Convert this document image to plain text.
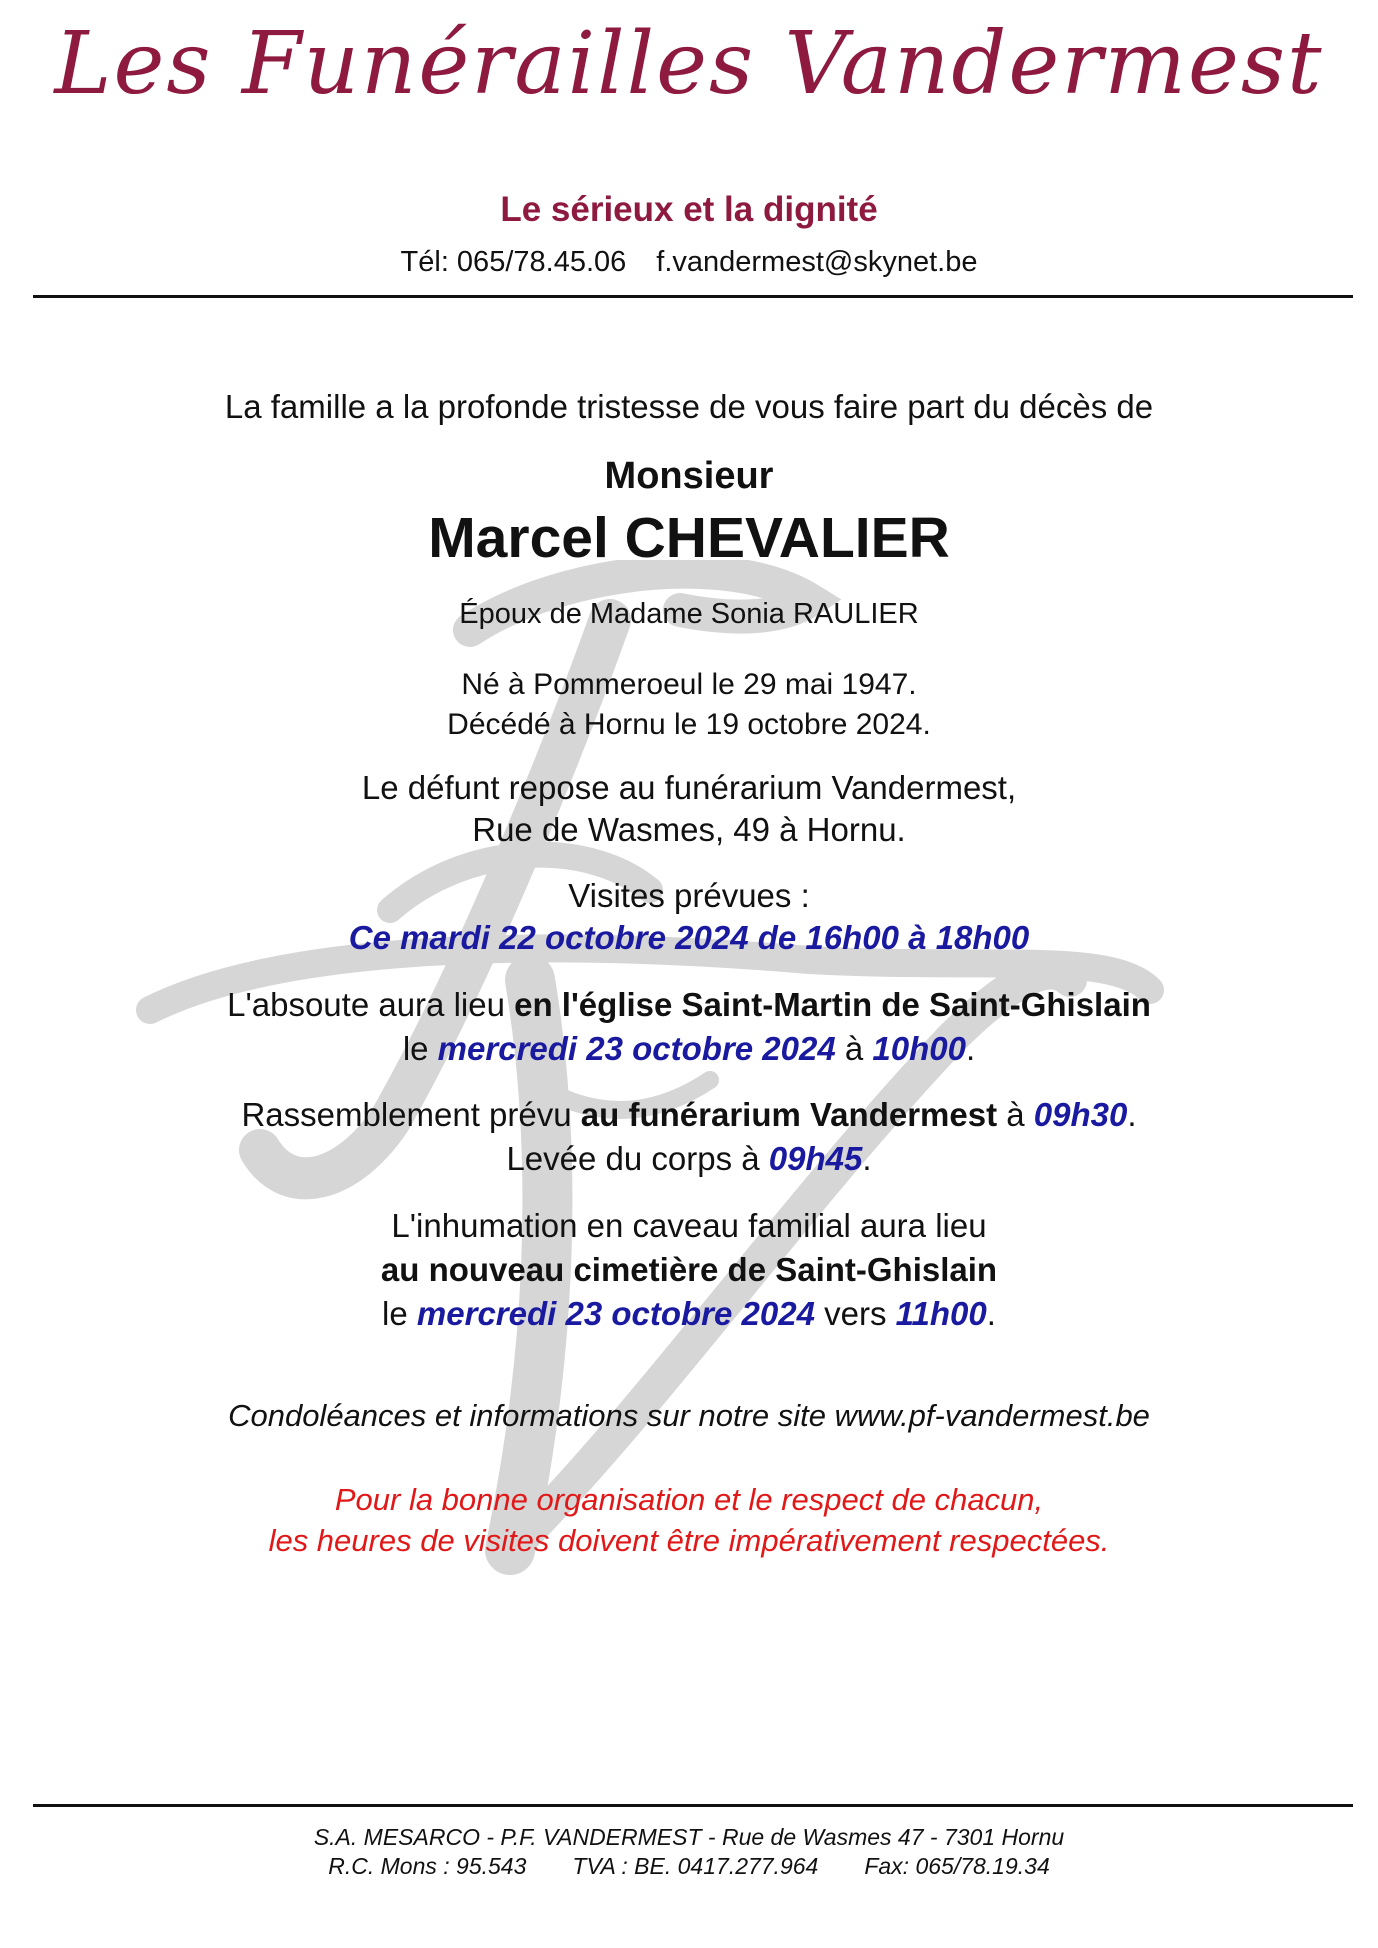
Les Funérailles Vandermest
Le sérieux et la dignité
Tél: 065/78.45.06 f.vandermest@skynet.be
La famille a la profonde tristesse de vous faire part du décès de
Monsieur
Marcel CHEVALIER
Époux de Madame Sonia RAULIER
Né à Pommeroeul le 29 mai 1947.
Décédé à Hornu le 19 octobre 2024.
Le défunt repose au funérarium Vandermest,
Rue de Wasmes, 49 à Hornu.
Visites prévues :
Ce mardi 22 octobre 2024 de 16h00 à 18h00
L'absoute aura lieu en l'église Saint-Martin de Saint-Ghislain
le mercredi 23 octobre 2024 à 10h00.
Rassemblement prévu au funérarium Vandermest à 09h30.
Levée du corps à 09h45.
L'inhumation en caveau familial aura lieu
au nouveau cimetière de Saint-Ghislain
le mercredi 23 octobre 2024 vers 11h00.
Condoléances et informations sur notre site www.pf-vandermest.be
Pour la bonne organisation et le respect de chacun,
les heures de visites doivent être impérativement respectées.
S.A. MESARCO - P.F. VANDERMEST - Rue de Wasmes 47 - 7301 Hornu
R.C. Mons : 95.543 TVA : BE. 0417.277.964 Fax: 065/78.19.34
